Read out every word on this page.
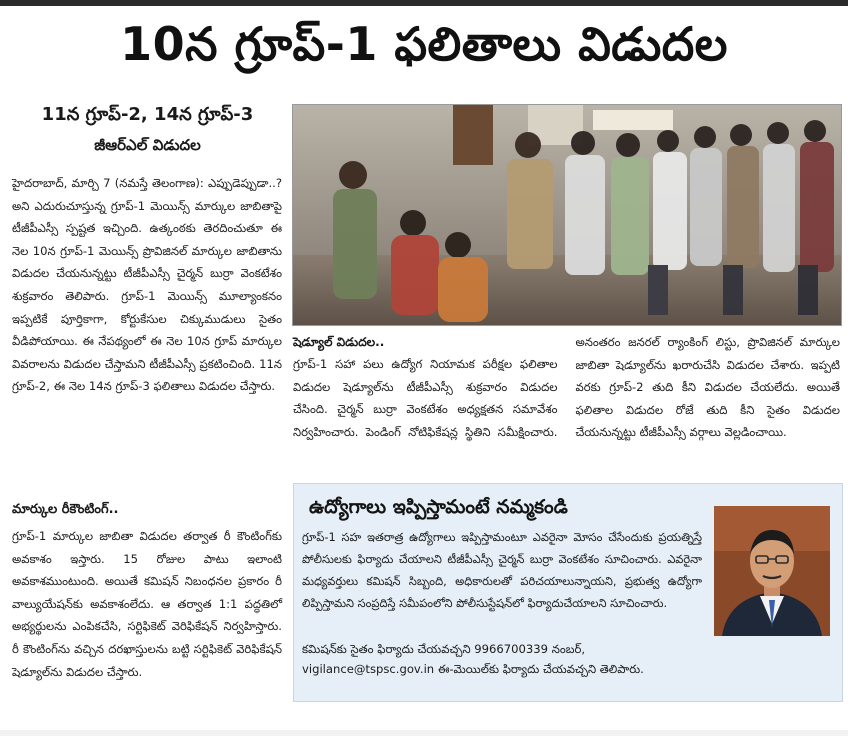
10న గ్రూప్-1 ఫలితాలు విడుదల
11న గ్రూప్-2, 14న గ్రూప్-3
జీఆర్ఎల్ విడుదల
హైదరాబాద్, మార్చి 7 (నమస్తే తెలంగాణ): ఎప్పుడెప్పుడా..? అని ఎదురుచూస్తున్న గ్రూప్-1 మెయిన్స్ మార్కుల జాబితాపై టీజీపీఎస్సీ స్పష్టత ఇచ్చింది. ఉత్కంఠకు తెరదించుతూ ఈ నెల 10న గ్రూప్-1 మెయిన్స్ ప్రొవిజినల్ మార్కుల జాబితాను విడుదల చేయనున్నట్టు టీజీపీఎస్సీ చైర్మన్ బుర్రా వెంకటేశం శుక్రవారం తెలిపారు. గ్రూప్-1 మెయిన్స్ మూల్యాంకనం ఇప్పటికే పూర్తికాగా, కోర్టుకేసుల చిక్కుముడులు సైతం వీడిపోయాయి. ఈ నేపథ్యంలో ఈ నెల 10న గ్రూప్ మార్కుల వివరాలను విడుదల చేస్తామని టీజీపీఎస్సీ ప్రకటించింది. 11న గ్రూప్-2, ఈ నెల 14న గ్రూప్-3 ఫలితాలు విడుదల చేస్తారు.
మార్కుల రీకౌంటింగ్..
గ్రూప్-1 మార్కుల జాబితా విడుదల తర్వాత రీ కౌంటింగ్‌కు అవకాశం ఇస్తారు. 15 రోజుల పాటు ఇలాంటి అవకాశముంటుంది. అయితే కమిషన్ నిబంధనల ప్రకారం రీ వాల్యుయేషన్‌కు అవకాశంలేదు. ఆ తర్వాత 1:1 పద్ధతిలో అభ్యర్థులను ఎంపికచేసి, సర్టిఫికెట్ వెరిఫికేషన్ నిర్వహిస్తారు. రీ కౌంటింగ్‌ను వచ్చిన దరఖాస్తులను బట్టి సర్టిఫికెట్ వెరిఫికేషన్ షెడ్యూల్‌ను విడుదల చేస్తారు.
షెడ్యూల్ విడుదల..
గ్రూప్-1 సహా పలు ఉద్యోగ నియామక పరీక్షల ఫలితాల విడుదల షెడ్యూల్‌ను టీజీపీఎస్సీ శుక్రవారం విడుదల చేసింది. చైర్మన్ బుర్రా వెంకటేశం అధ్యక్షతన సమావేశం నిర్వహించారు. పెండింగ్ నోటిఫికేషన్ల స్థితిని సమీక్షించారు. అనంతరం జనరల్ ర్యాంకింగ్ లిస్టు, ప్రొవిజినల్ మార్కుల జాబితా షెడ్యూల్‌ను ఖరారుచేసి విడుదల చేశారు. ఇప్పటి వరకు గ్రూప్-2 తుది కీని విడుదల చేయలేదు. అయితే ఫలితాల విడుదల రోజే తుది కీని సైతం విడుదల చేయనున్నట్టు టీజీపీఎస్సీ వర్గాలు వెల్లడించాయి.
ఉద్యోగాలు ఇప్పిస్తామంటే నమ్మకండి
గ్రూప్-1 సహ ఇతరాత్ర ఉద్యోగాలు ఇప్పిస్తామంటూ ఎవరైనా మోసం చేసేందుకు ప్రయత్నిస్తే పోలీసులకు ఫిర్యాదు చేయాలని టీజీపీఎస్సీ చైర్మన్ బుర్రా వెంకటేశం సూచించారు. ఎవరైనా మధ్యవర్తులు కమిషన్ సిబ్బంది, అధికారులతో పరిచయాలున్నాయని, ప్రభుత్వ ఉద్యోగా లిప్పిస్తామని సంప్రదిస్తే సమీపంలోని పోలీసుస్టేషన్‌లో ఫిర్యాదుచేయాలని సూచించారు.
కమిషన్‌కు సైతం ఫిర్యాదు చేయవచ్చని 9966700339 నంబర్,
vigilance@tspsc.gov.in ఈ-మెయిల్‌కు ఫిర్యాదు చేయవచ్చని తెలిపారు.
